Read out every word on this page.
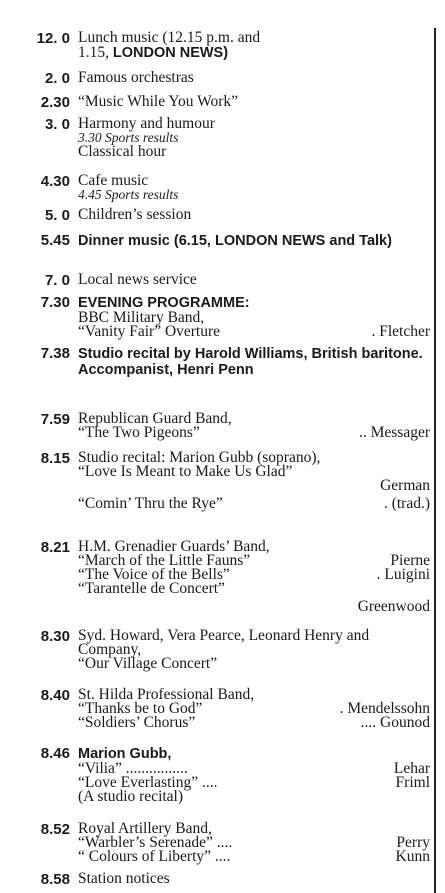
12. 0 Lunch music (12.15 p.m. and
1.15, LONDON NEWS)
2. 0 Famous orchestras
2.30 “Music While You Work”
3. 0 Harmony and humour
3.30 Sports results
Classical hour
4.30 Cafe music
4.45 Sports results
5. 0 Children’s session
5.45 Dinner music (6.15, LONDON NEWS and Talk)
7. 0 Local news service
7.30 EVENING PROGRAMME:
BBC Military Band,
“Vanity Fair” Overture	. Fletcher
7.38 Studio recital by Harold Williams, British baritone. Accompanist, Henri Penn
7.59 Republican Guard Band,
“The Two Pigeons”	.. Messager
8.15 Studio recital: Marion Gubb (soprano),
“Love Is Meant to Make Us Glad”
German
“Comin’ Thru the Rye”	. (trad.)
8.21 H.M. Grenadier Guards’ Band,
“March of the Little Fauns”	Pierne
“The Voice of the Bells”	. Luigini
“Tarantelle de Concert”
Greenwood
8.30 Syd. Howard, Vera Pearce, Leonard Henry and Company,
“Our Village Concert”
8.40 St. Hilda Professional Band,
“Thanks be to God”	. Mendelssohn
“Soldiers’ Chorus”	.... Gounod
8.46 Marion Gubb,
“Vilia” ................	Lehar
“Love Everlasting” ....	Friml
(A studio recital)
8.52 Royal Artillery Band,
“Warbler’s Serenade” ....	Perry
“ Colours of Liberty” ....	Kunn
8.58 Station notices
